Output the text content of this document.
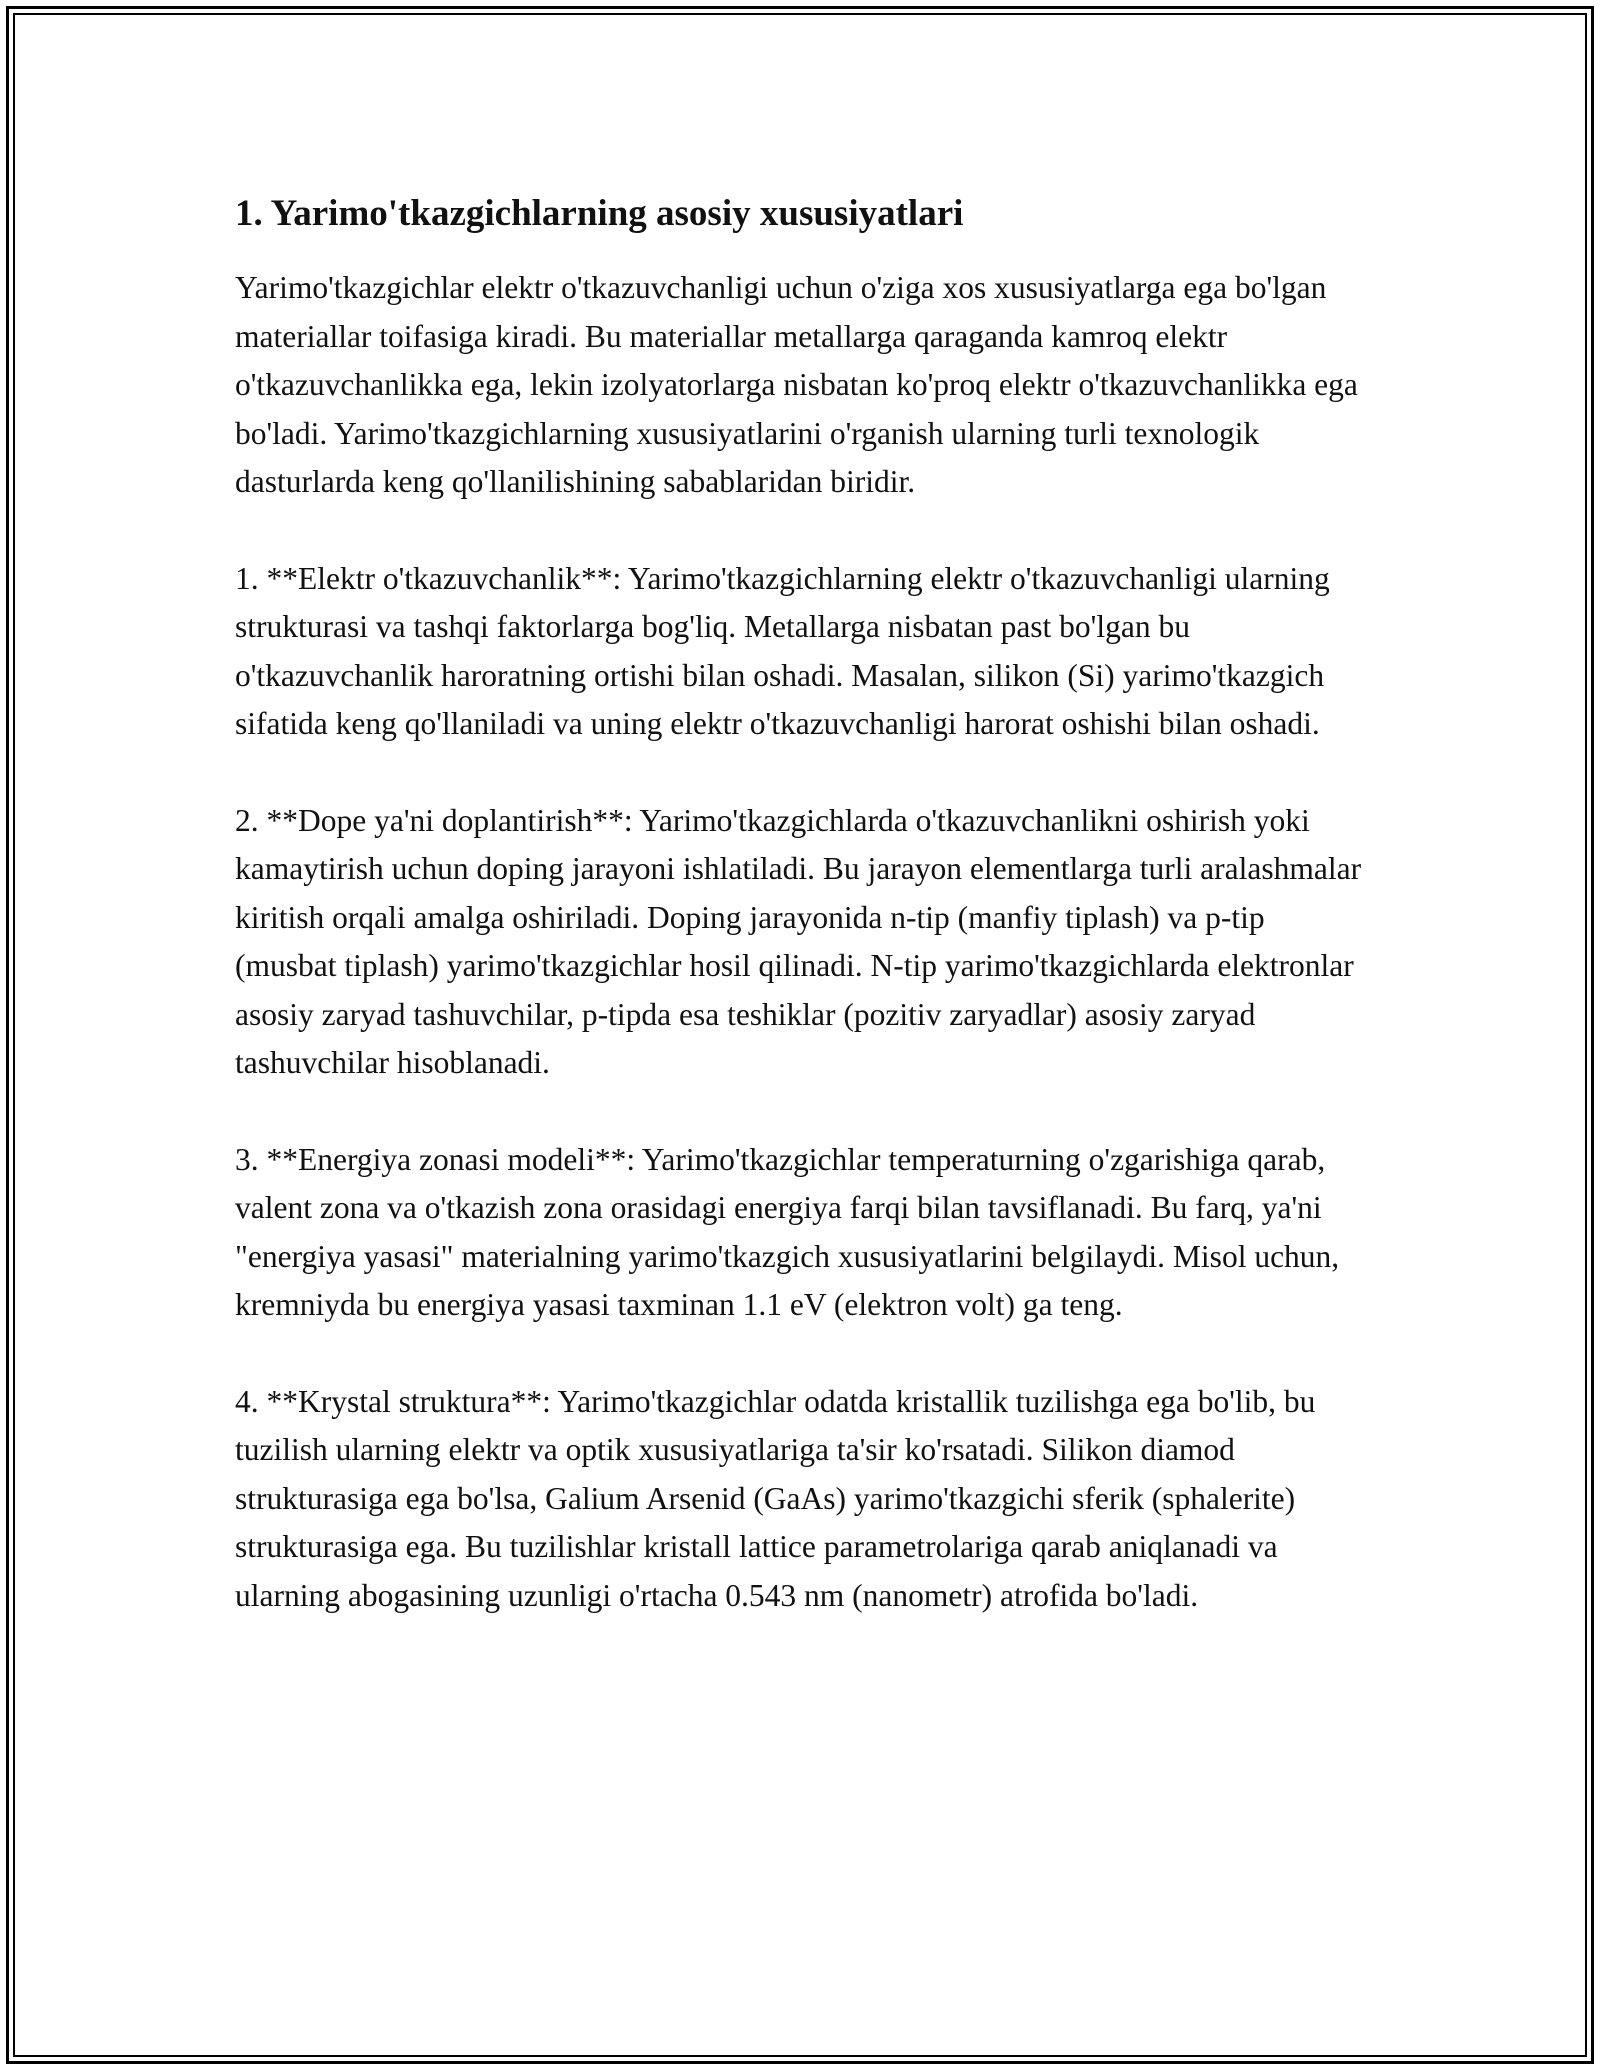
1. Yarimo'tkazgichlarning asosiy xususiyatlari

Yarimo'tkazgichlar elektr o'tkazuvchanligi uchun o'ziga xos xususiyatlarga ega bo'lgan materiallar toifasiga kiradi. Bu materiallar metallarga qaraganda kamroq elektr o'tkazuvchanlikka ega, lekin izolyatorlarga nisbatan ko'proq elektr o'tkazuvchanlikka ega bo'ladi. Yarimo'tkazgichlarning xususiyatlarini o'rganish ularning turli texnologik dasturlarda keng qo'llanilishining sabablaridan biridir.

1. **Elektr o'tkazuvchanlik**: Yarimo'tkazgichlarning elektr o'tkazuvchanligi ularning strukturasi va tashqi faktorlarga bog'liq. Metallarga nisbatan past bo'lgan bu o'tkazuvchanlik haroratning ortishi bilan oshadi. Masalan, silikon (Si) yarimo'tkazgich sifatida keng qo'llaniladi va uning elektr o'tkazuvchanligi harorat oshishi bilan oshadi.

2. **Dope ya'ni doplantirish**: Yarimo'tkazgichlarda o'tkazuvchanlikni oshirish yoki kamaytirish uchun doping jarayoni ishlatiladi. Bu jarayon elementlarga turli aralashmalar kiritish orqali amalga oshiriladi. Doping jarayonida n-tip (manfiy tiplash) va p-tip (musbat tiplash) yarimo'tkazgichlar hosil qilinadi. N-tip yarimo'tkazgichlarda elektronlar asosiy zaryad tashuvchilar, p-tipda esa teshiklar (pozitiv zaryadlar) asosiy zaryad tashuvchilar hisoblanadi.

3. **Energiya zonasi modeli**: Yarimo'tkazgichlar temperaturning o'zgarishiga qarab, valent zona va o'tkazish zona orasidagi energiya farqi bilan tavsiflanadi. Bu farq, ya'ni "energiya yasasi" materialning yarimo'tkazgich xususiyatlarini belgilaydi. Misol uchun, kremniyda bu energiya yasasi taxminan 1.1 eV (elektron volt) ga teng.

4. **Krystal struktura**: Yarimo'tkazgichlar odatda kristallik tuzilishga ega bo'lib, bu tuzilish ularning elektr va optik xususiyatlariga ta'sir ko'rsatadi. Silikon diamod strukturasiga ega bo'lsa, Galium Arsenid (GaAs) yarimo'tkazgichi sferik (sphalerite) strukturasiga ega. Bu tuzilishlar kristall lattice parametrolariga qarab aniqlanadi va ularning abogasining uzunligi o'rtacha 0.543 nm (nanometr) atrofida bo'ladi.
